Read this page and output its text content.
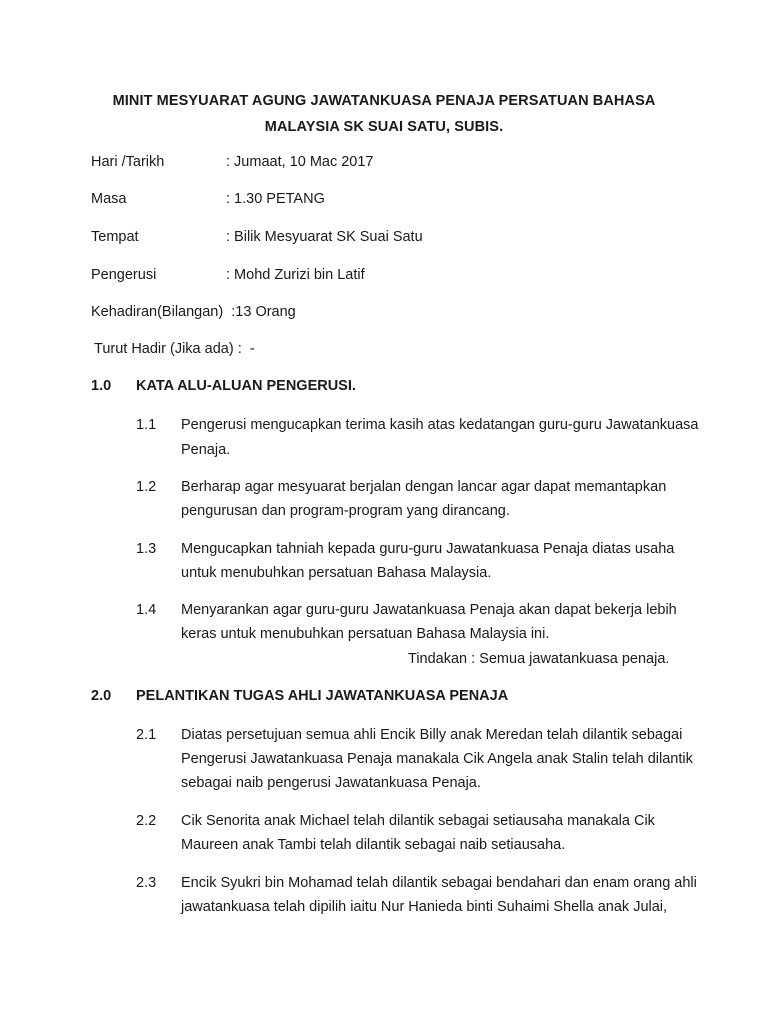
MINIT MESYUARAT AGUNG JAWATANKUASA PENAJA PERSATUAN BAHASA
MALAYSIA SK SUAI SATU, SUBIS.
Hari /Tarikh	: Jumaat, 10 Mac 2017
Masa	: 1.30 PETANG
Tempat	: Bilik Mesyuarat SK Suai Satu
Pengerusi	: Mohd Zurizi bin Latif
Kehadiran(Bilangan)  :13 Orang
Turut Hadir (Jika ada) :  -
1.0 KATA ALU-ALUAN PENGERUSI.
1.1 Pengerusi mengucapkan terima kasih atas kedatangan guru-guru Jawatankuasa
Penaja.
1.2 Berharap agar mesyuarat berjalan dengan lancar agar dapat memantapkan
pengurusan dan program-program yang dirancang.
1.3 Mengucapkan tahniah kepada guru-guru Jawatankuasa Penaja diatas usaha
untuk menubuhkan persatuan Bahasa Malaysia.
1.4 Menyarankan agar guru-guru Jawatankuasa Penaja akan dapat bekerja lebih
keras untuk menubuhkan persatuan Bahasa Malaysia ini.
Tindakan : Semua jawatankuasa penaja.
2.0 PELANTIKAN TUGAS AHLI JAWATANKUASA PENAJA
2.1 Diatas persetujuan semua ahli Encik Billy anak Meredan telah dilantik sebagai
Pengerusi Jawatankuasa Penaja manakala Cik Angela anak Stalin telah dilantik
sebagai naib pengerusi Jawatankuasa Penaja.
2.2 Cik Senorita anak Michael telah dilantik sebagai setiausaha manakala Cik
Maureen anak Tambi telah dilantik sebagai naib setiausaha.
2.3 Encik Syukri bin Mohamad telah dilantik sebagai bendahari dan enam orang ahli
jawatankuasa telah dipilih iaitu Nur Hanieda binti Suhaimi Shella anak Julai,
